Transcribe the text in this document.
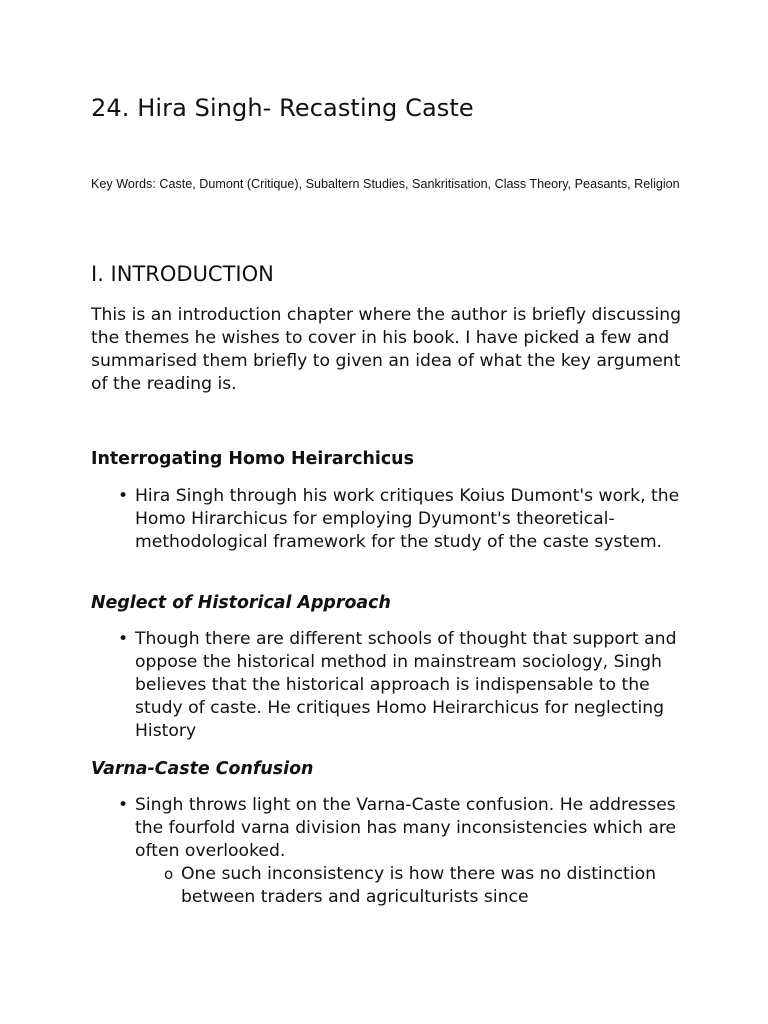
24. Hira Singh- Recasting Caste

Key Words: Caste, Dumont (Critique), Subaltern Studies, Sankritisation, Class Theory, Peasants, Religion

I. INTRODUCTION

This is an introduction chapter where the author is briefly discussing the themes he wishes to cover in his book. I have picked a few and summarised them briefly to given an idea of what the key argument of the reading is.

Interrogating Homo Heirarchicus
• Hira Singh through his work critiques Koius Dumont's work, the Homo Hirarchicus for employing Dyumont's theoretical-methodological framework for the study of the caste system.

Neglect of Historical Approach
• Though there are different schools of thought that support and oppose the historical method in mainstream sociology, Singh believes that the historical approach is indispensable to the study of caste. He critiques Homo Heirarchicus for neglecting History

Varna-Caste Confusion
• Singh throws light on the Varna-Caste confusion. He addresses the fourfold varna division has many inconsistencies which are often overlooked.

o One such inconsistency is how there was no distinction between traders and agriculturists since
